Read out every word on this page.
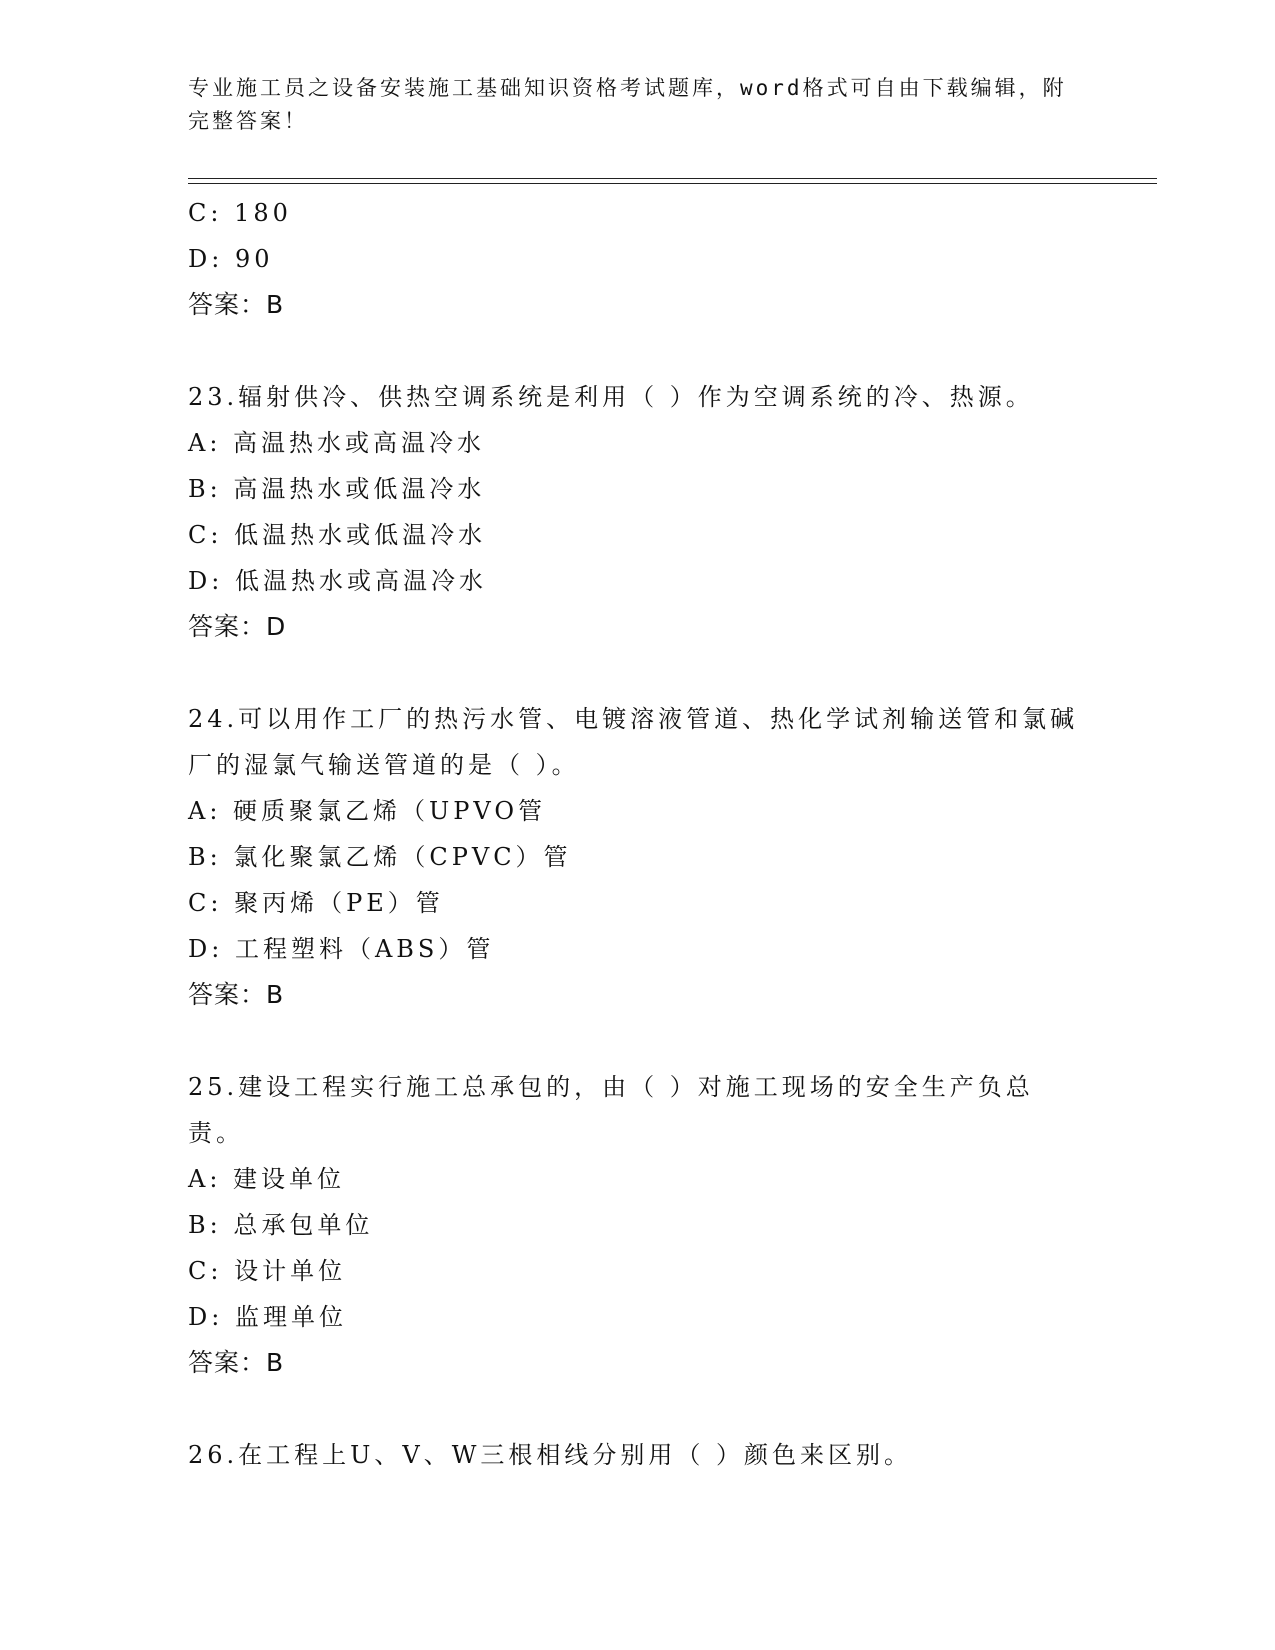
专业施工员之设备安装施工基础知识资格考试题库，word格式可自由下载编辑，附完整答案！
C: 180
D: 90
答案：B
23.辐射供冷、供热空调系统是利用（ ）作为空调系统的冷、热源。
A: 高温热水或高温冷水
B: 高温热水或低温冷水
C: 低温热水或低温冷水
D: 低温热水或高温冷水
答案：D
24.可以用作工厂的热污水管、电镀溶液管道、热化学试剂输送管和氯碱厂的湿氯气输送管道的是（ ）。
A: 硬质聚氯乙烯（UPVO管
B: 氯化聚氯乙烯（CPVC）管
C: 聚丙烯（PE）管
D: 工程塑料（ABS）管
答案：B
25.建设工程实行施工总承包的，由（ ）对施工现场的安全生产负总责。
A: 建设单位
B: 总承包单位
C: 设计单位
D: 监理单位
答案：B
26.在工程上U、V、W三根相线分别用（ ）颜色来区别。
